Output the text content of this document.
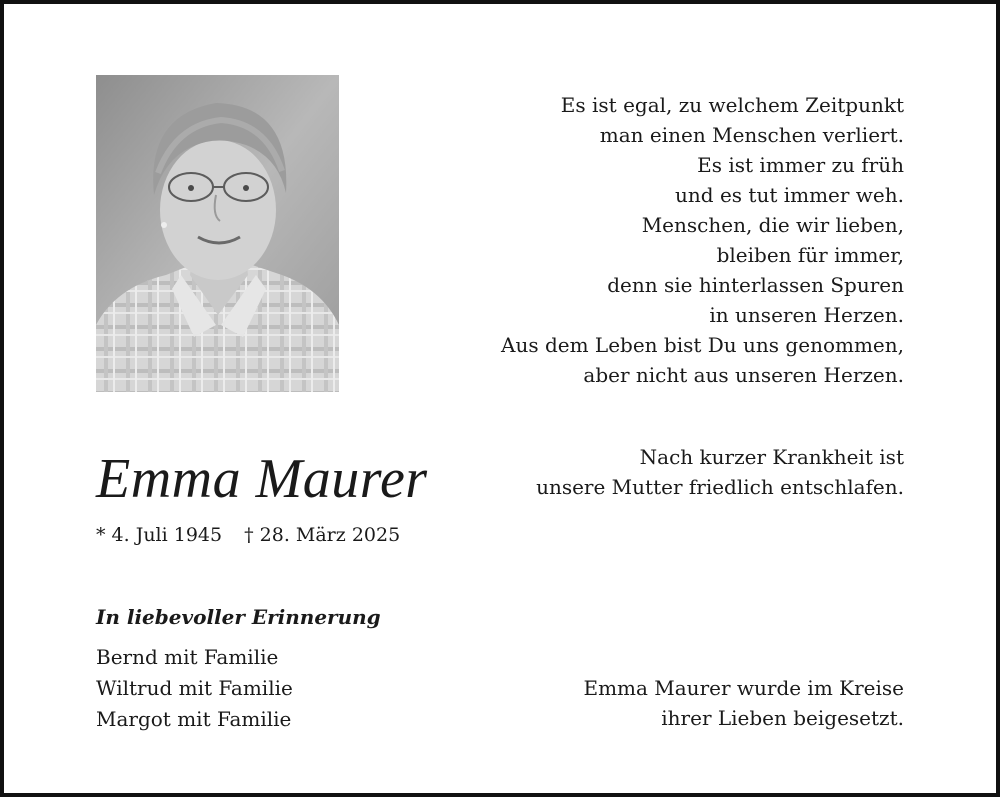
Es ist egal, zu welchem Zeitpunkt
man einen Menschen verliert.
Es ist immer zu früh
und es tut immer weh.
Menschen, die wir lieben,
bleiben für immer,
denn sie hinterlassen Spuren
in unseren Herzen.
Aus dem Leben bist Du uns genommen,
aber nicht aus unseren Herzen.

Emma Maurer
* 4. Juli 1945 † 28. März 2025
Nach kurzer Krankheit ist
unsere Mutter friedlich entschlafen.
In liebevoller Erinnerung
Bernd mit Familie
Wiltrud mit Familie
Margot mit Familie
Emma Maurer wurde im Kreise
ihrer Lieben beigesetzt.
